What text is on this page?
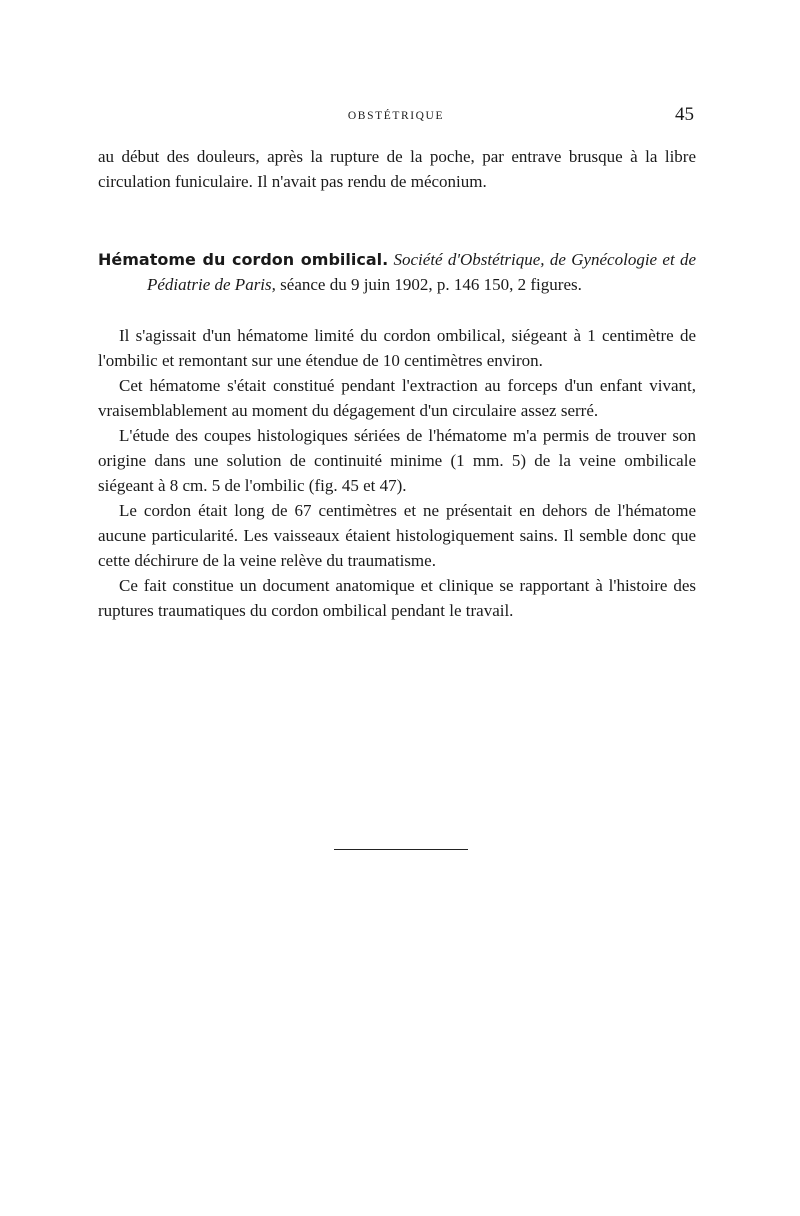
OBSTÉTRIQUE	45

au début des douleurs, après la rupture de la poche, par entrave brusque à la libre circulation funiculaire. Il n'avait pas rendu de méconium.

Hématome du cordon ombilical. Société d'Obstétrique, de Gynécologie et de Pédiatrie de Paris, séance du 9 juin 1902, p. 146 150, 2 figures.

Il s'agissait d'un hématome limité du cordon ombilical, siégeant à 1 centimètre de l'ombilic et remontant sur une étendue de 10 centimètres environ.

Cet hématome s'était constitué pendant l'extraction au forceps d'un enfant vivant, vraisemblablement au moment du dégagement d'un circulaire assez serré.

L'étude des coupes histologiques sériées de l'hématome m'a permis de trouver son origine dans une solution de continuité minime (1 mm. 5) de la veine ombilicale siégeant à 8 cm. 5 de l'ombilic (fig. 45 et 47).

Le cordon était long de 67 centimètres et ne présentait en dehors de l'hématome aucune particularité. Les vaisseaux étaient histologiquement sains. Il semble donc que cette déchirure de la veine relève du traumatisme.

Ce fait constitue un document anatomique et clinique se rapportant à l'histoire des ruptures traumatiques du cordon ombilical pendant le travail.
